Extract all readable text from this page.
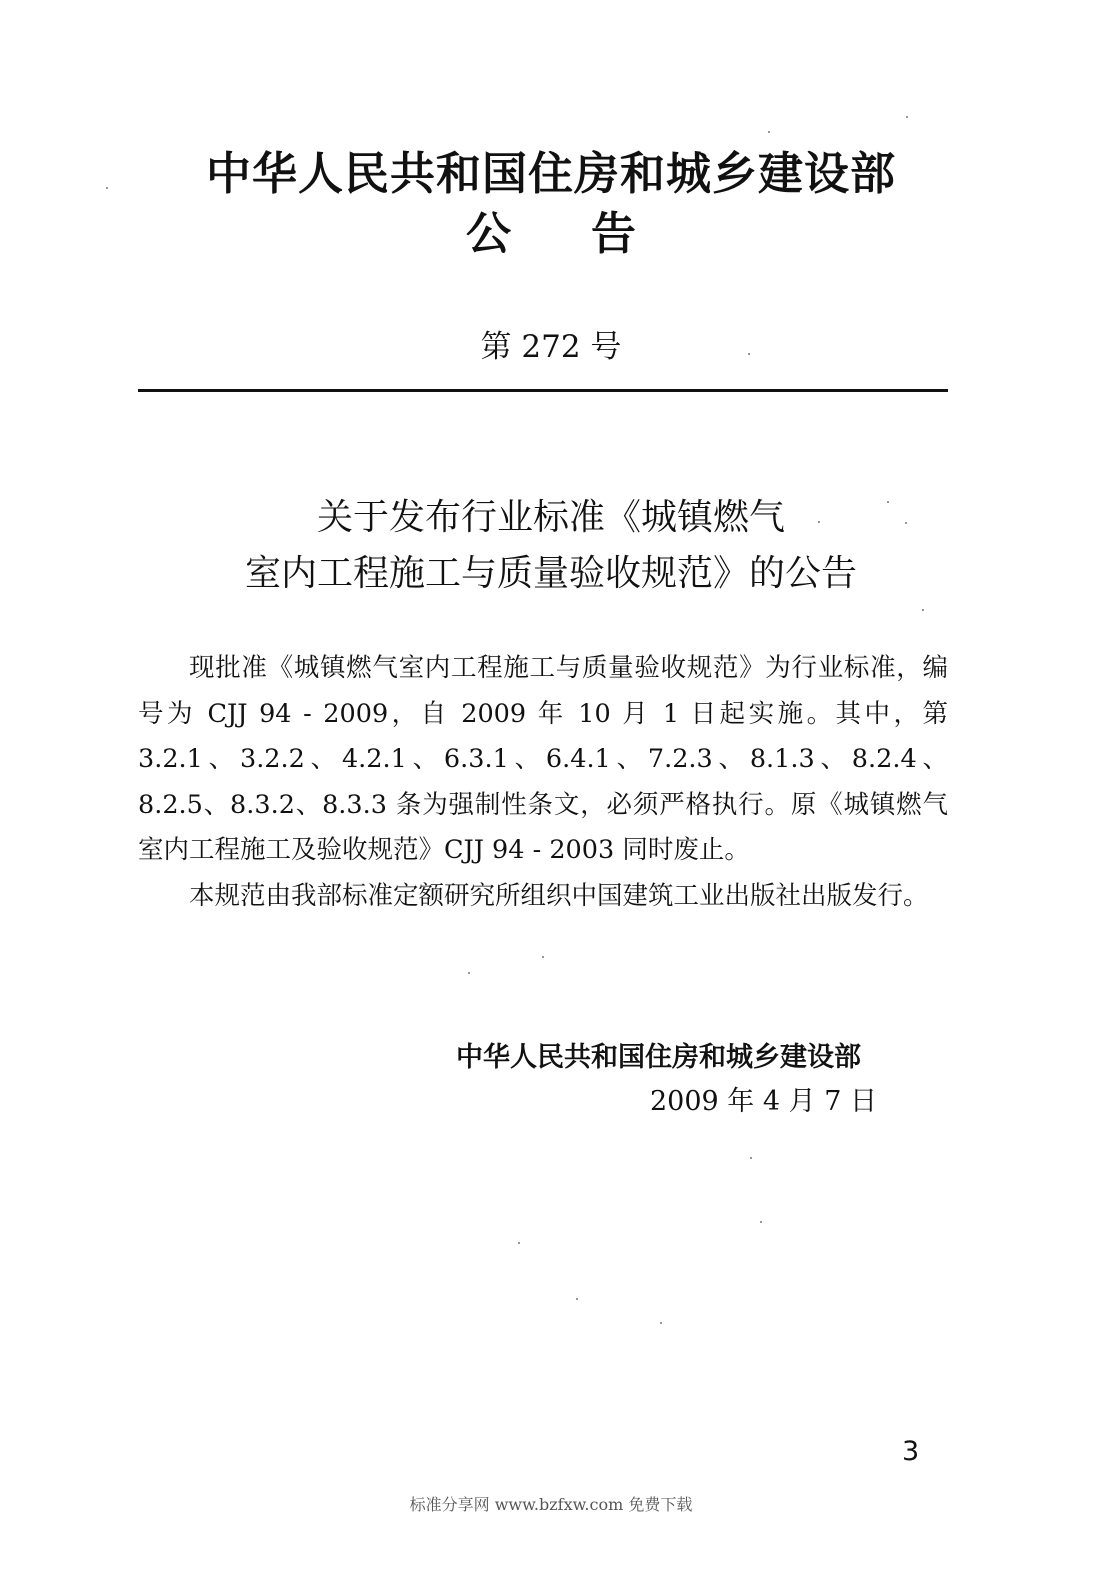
中华人民共和国住房和城乡建设部
公告
第 272 号
关于发布行业标准《城镇燃气
室内工程施工与质量验收规范》的公告

现批准《城镇燃气室内工程施工与质量验收规范》为行业标准，编号为 CJJ 94 - 2009，自 2009 年 10 月 1 日起实施。其中，第 3.2.1、3.2.2、4.2.1、6.3.1、6.4.1、7.2.3、8.1.3、8.2.4、8.2.5、8.3.2、8.3.3 条为强制性条文，必须严格执行。原《城镇燃气室内工程施工及验收规范》CJJ 94 - 2003 同时废止。

本规范由我部标准定额研究所组织中国建筑工业出版社出版发行。

中华人民共和国住房和城乡建设部
2009 年 4 月 7 日
3
标准分享网 www.bzfxw.com 免费下载
